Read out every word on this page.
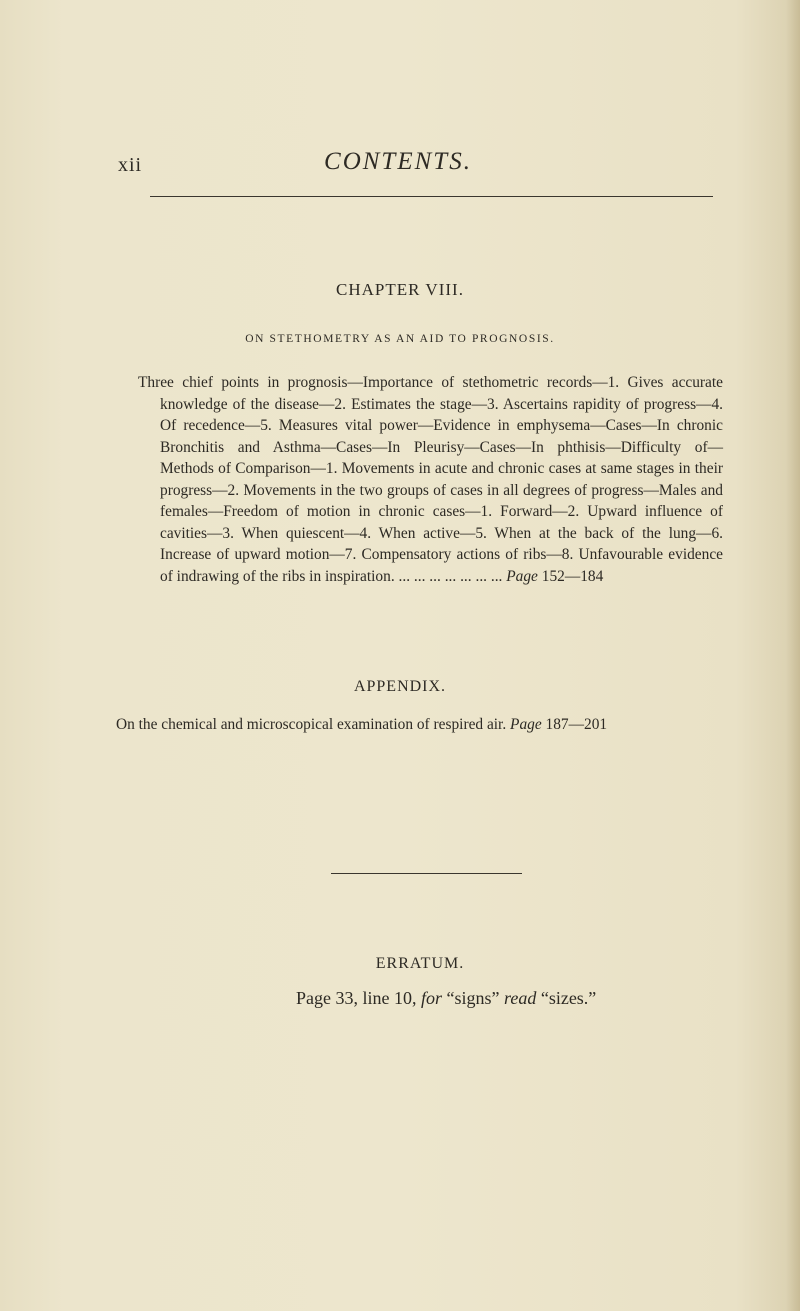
xii	CONTENTS.
CHAPTER VIII.
ON STETHOMETRY AS AN AID TO PROGNOSIS.

Three chief points in prognosis—Importance of stethometric records—1. Gives accurate knowledge of the disease—2. Estimates the stage—3. Ascertains rapidity of progress—4. Of recedence—5. Measures vital power—Evidence in emphysema—Cases—In chronic Bronchitis and Asthma—Cases—In Pleurisy—Cases—In phthisis—Difficulty of—Methods of Comparison—1. Movements in acute and chronic cases at same stages in their progress—2. Movements in the two groups of cases in all degrees of progress—Males and females—Freedom of motion in chronic cases—1. Forward—2. Upward influence of cavities—3. When quiescent—4. When active—5. When at the back of the lung—6. Increase of upward motion—7. Compensatory actions of ribs—8. Unfavourable evidence of indrawing of the ribs in inspiration. ... ... ... ... ... ... ... Page 152—184

APPENDIX.
On the chemical and microscopical examination of respired air. Page 187—201
ERRATUM.
Page 33, line 10, for “signs” read “sizes.”
